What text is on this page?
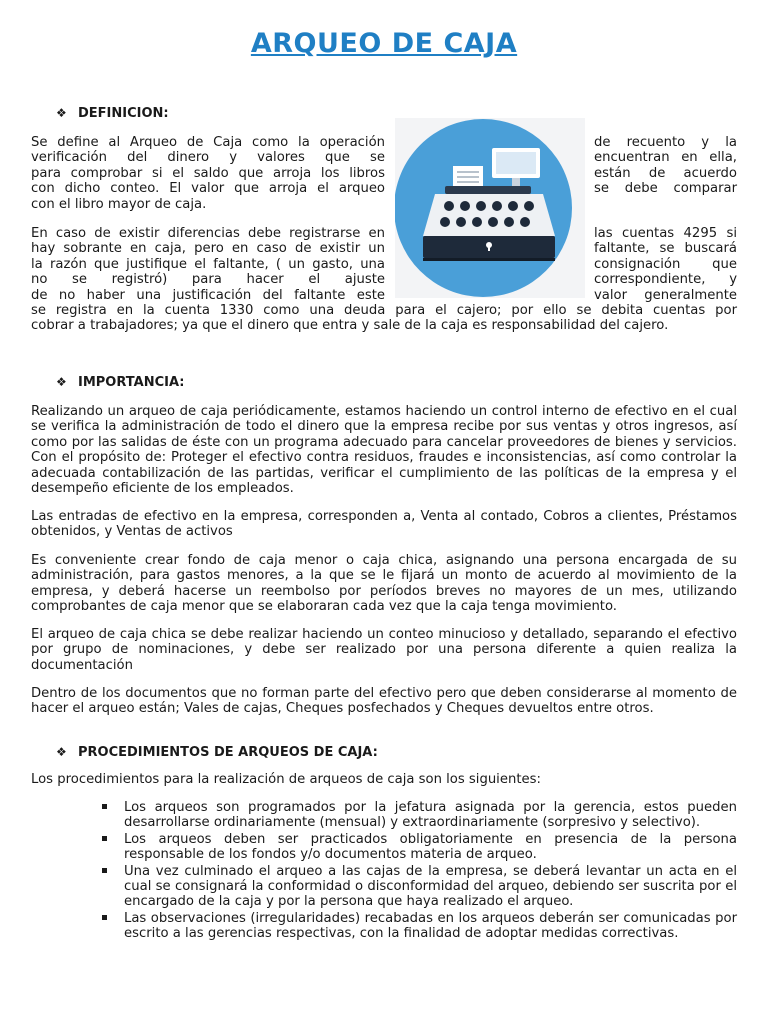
ARQUEO DE CAJA
❖ DEFINICION:
Se define al Arqueo de Caja como la operación
verificación del dinero y valores que se
para comprobar si el saldo que arroja los libros
con dicho conteo. El valor que arroja el arqueo
con el libro mayor de caja.
de recuento y la
encuentran en ella,
están de acuerdo
se debe comparar
En caso de existir diferencias debe registrarse en
hay sobrante en caja, pero en caso de existir un
la razón que justifique el faltante, ( un gasto, una
no se registró) para hacer el ajuste
de no haber una justificación del faltante este
las cuentas 4295 si
faltante, se buscará
consignación que
correspondiente, y
valor generalmente
se registra en la cuenta 1330 como una deuda para el cajero; por ello se debita cuentas por
cobrar a trabajadores; ya que el dinero que entra y sale de la caja es responsabilidad del cajero.
❖ IMPORTANCIA:

Realizando un arqueo de caja periódicamente, estamos haciendo un control interno de efectivo en el cual se verifica la administración de todo el dinero que la empresa recibe por sus ventas y otros ingresos, así como por las salidas de éste con un programa adecuado para cancelar proveedores de bienes y servicios. Con el propósito de: Proteger el efectivo contra residuos, fraudes e inconsistencias, así como controlar la adecuada contabilización de las partidas, verificar el cumplimiento de las políticas de la empresa y el desempeño eficiente de los empleados.

Las entradas de efectivo en la empresa, corresponden a, Venta al contado, Cobros a clientes, Préstamos obtenidos, y Ventas de activos

Es conveniente crear fondo de caja menor o caja chica, asignando una persona encargada de su administración, para gastos menores, a la que se le fijará un monto de acuerdo al movimiento de la empresa, y deberá hacerse un reembolso por períodos breves no mayores de un mes, utilizando comprobantes de caja menor que se elaboraran cada vez que la caja tenga movimiento.

El arqueo de caja chica se debe realizar haciendo un conteo minucioso y detallado, separando el efectivo por grupo de nominaciones, y debe ser realizado por una persona diferente a quien realiza la documentación

Dentro de los documentos que no forman parte del efectivo pero que deben considerarse al momento de hacer el arqueo están; Vales de cajas, Cheques posfechados y Cheques devueltos entre otros.

❖ PROCEDIMIENTOS DE ARQUEOS DE CAJA:

Los procedimientos para la realización de arqueos de caja son los siguientes:

Los arqueos son programados por la jefatura asignada por la gerencia, estos pueden desarrollarse ordinariamente (mensual) y extraordinariamente (sorpresivo y selectivo).
Los arqueos deben ser practicados obligatoriamente en presencia de la persona responsable de los fondos y/o documentos materia de arqueo.
Una vez culminado el arqueo a las cajas de la empresa, se deberá levantar un acta en el cual se consignará la conformidad o disconformidad del arqueo, debiendo ser suscrita por el encargado de la caja y por la persona que haya realizado el arqueo.
Las observaciones (irregularidades) recabadas en los arqueos deberán ser comunicadas por escrito a las gerencias respectivas, con la finalidad de adoptar medidas correctivas.
